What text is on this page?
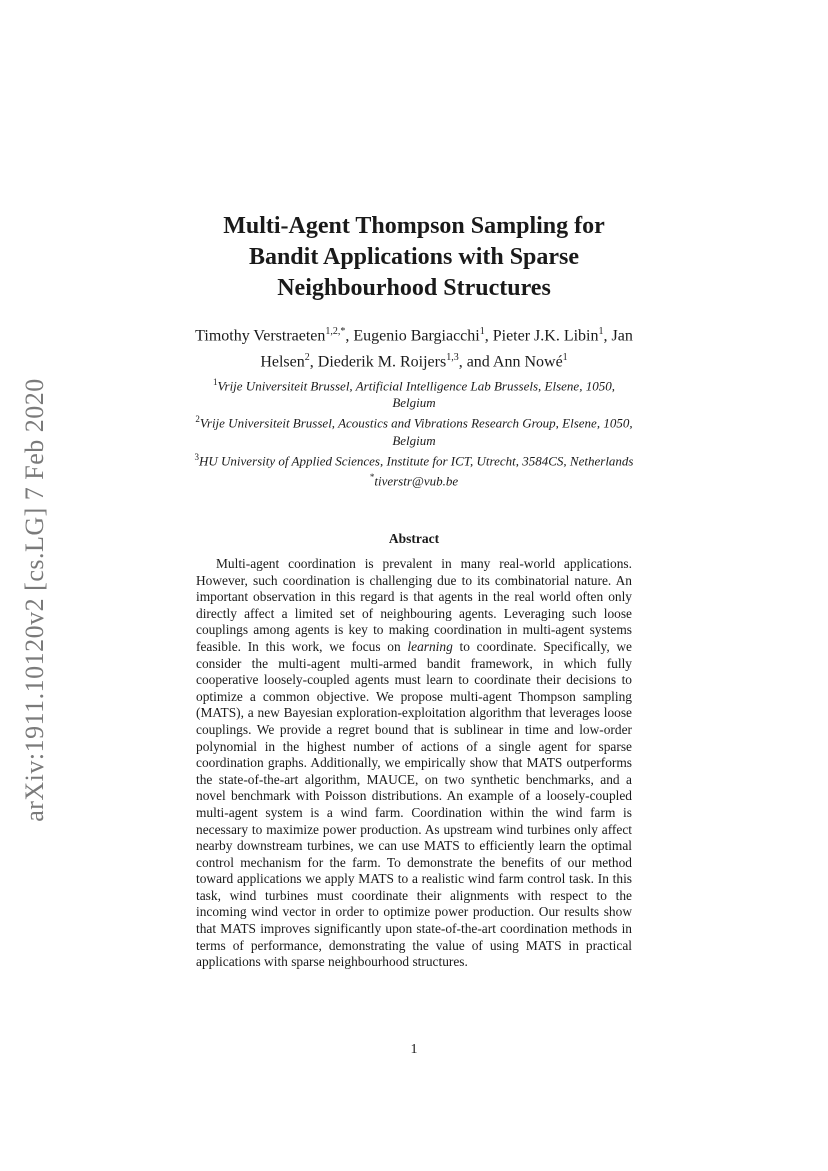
arXiv:1911.10120v2 [cs.LG] 7 Feb 2020
Multi-Agent Thompson Sampling for
Bandit Applications with Sparse
Neighbourhood Structures
Timothy Verstraeten$^{1,2,*}$, Eugenio Bargiacchi$^1$, Pieter J.K. Libin$^1$, Jan
Helsen$^2$, Diederik M. Roijers$^{1,3}$, and Ann Nowé$^1$
$^1$Vrije Universiteit Brussel, Artificial Intelligence Lab Brussels, Elsene, 1050,
Belgium
$^2$Vrije Universiteit Brussel, Acoustics and Vibrations Research Group, Elsene, 1050,
Belgium
$^3$HU University of Applied Sciences, Institute for ICT, Utrecht, 3584CS, Netherlands
*tiverstr@vub.be
Abstract
Multi-agent coordination is prevalent in many real-world applications. However, such coordination is challenging due to its combinatorial nature. An important observation in this regard is that agents in the real world often only directly affect a limited set of neighbouring agents. Leveraging such loose couplings among agents is key to making coordination in multi-agent systems feasible. In this work, we focus on learning to coordinate. Specifically, we consider the multi-agent multi-armed bandit framework, in which fully cooperative loosely-coupled agents must learn to coordinate their decisions to optimize a common objective. We propose multi-agent Thompson sampling (MATS), a new Bayesian exploration-exploitation algorithm that leverages loose couplings. We provide a regret bound that is sublinear in time and low-order polynomial in the highest number of actions of a single agent for sparse coordination graphs. Additionally, we empirically show that MATS outperforms the state-of-the-art algorithm, MAUCE, on two synthetic benchmarks, and a novel benchmark with Poisson distributions. An example of a loosely-coupled multi-agent system is a wind farm. Coordination within the wind farm is necessary to maximize power production. As upstream wind turbines only affect nearby downstream turbines, we can use MATS to efficiently learn the optimal control mechanism for the farm. To demonstrate the benefits of our method toward applications we apply MATS to a realistic wind farm control task. In this task, wind turbines must coordinate their alignments with respect to the incoming wind vector in order to optimize power production. Our results show that MATS improves significantly upon state-of-the-art coordination methods in terms of performance, demonstrating the value of using MATS in practical applications with sparse neighbourhood structures.
1
